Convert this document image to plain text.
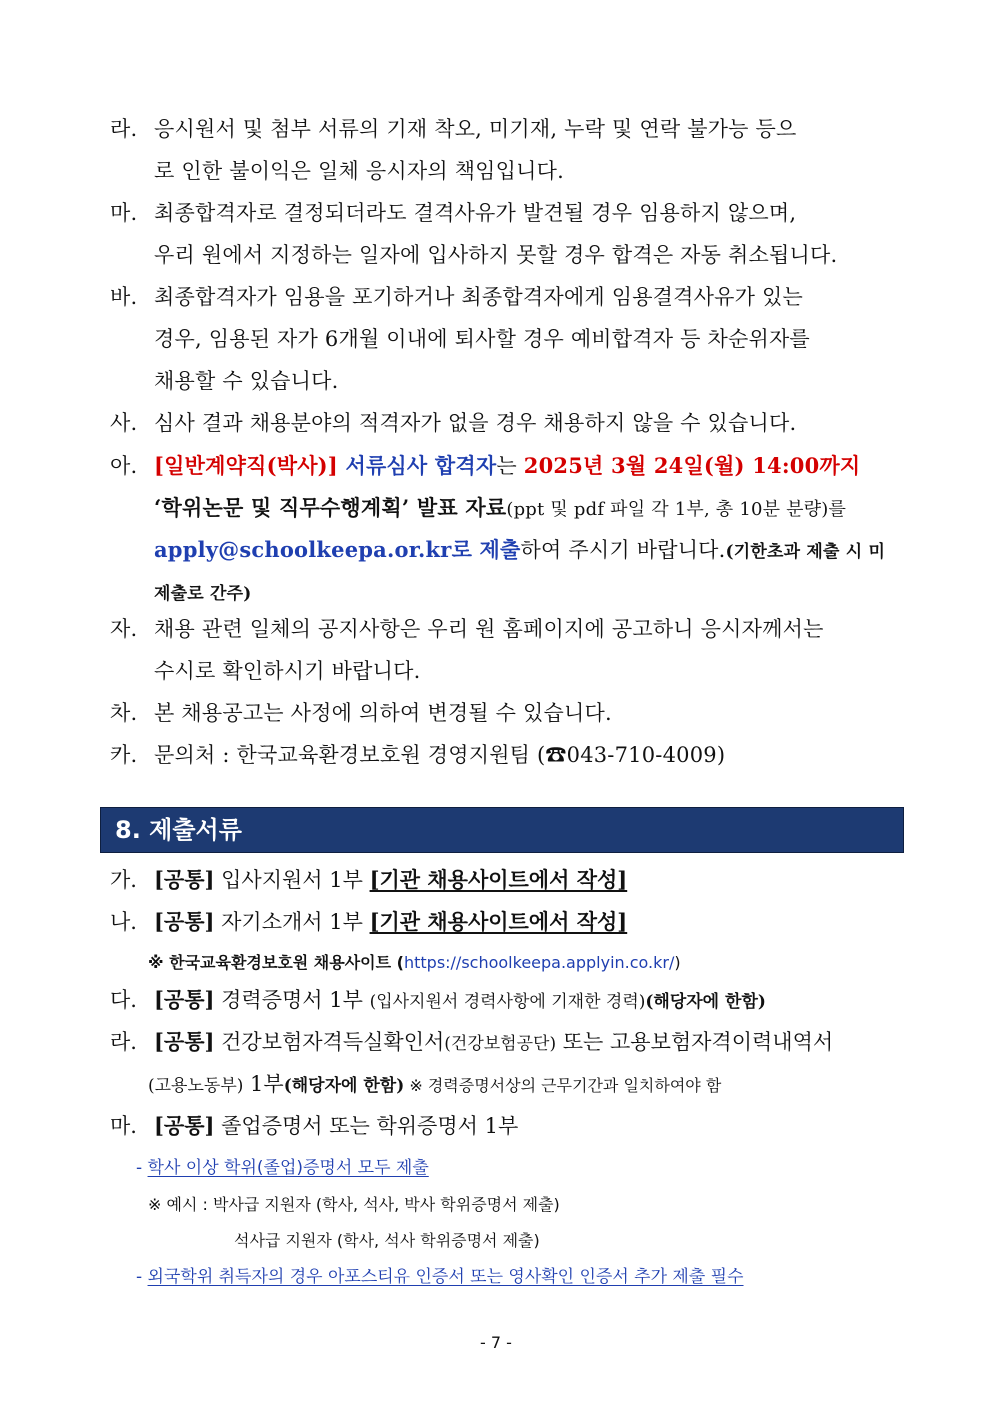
라. 응시원서 및 첨부 서류의 기재 착오, 미기재, 누락 및 연락 불가능 등으
로 인한 불이익은 일체 응시자의 책임입니다.
마. 최종합격자로 결정되더라도 결격사유가 발견될 경우 임용하지 않으며,
우리 원에서 지정하는 일자에 입사하지 못할 경우 합격은 자동 취소됩니다.
바. 최종합격자가 임용을 포기하거나 최종합격자에게 임용결격사유가 있는
경우, 임용된 자가 6개월 이내에 퇴사할 경우 예비합격자 등 차순위자를
채용할 수 있습니다.
사. 심사 결과 채용분야의 적격자가 없을 경우 채용하지 않을 수 있습니다.
아. [일반계약직(박사)] 서류심사 합격자는 2025년 3월 24일(월) 14:00까지
‘학위논문 및 직무수행계획’ 발표 자료(ppt 및 pdf 파일 각 1부, 총 10분 분량)를
apply@schoolkeepa.or.kr로 제출하여 주시기 바랍니다.(기한초과 제출 시 미
제출로 간주)
자. 채용 관련 일체의 공지사항은 우리 원 홈페이지에 공고하니 응시자께서는
수시로 확인하시기 바랍니다.
차. 본 채용공고는 사정에 의하여 변경될 수 있습니다.
카. 문의처 : 한국교육환경보호원 경영지원팀 (☎043-710-4009)
8. 제출서류
가. [공통] 입사지원서 1부 [기관 채용사이트에서 작성]
나. [공통] 자기소개서 1부 [기관 채용사이트에서 작성]
※ 한국교육환경보호원 채용사이트 (https://schoolkeepa.applyin.co.kr/)
다. [공통] 경력증명서 1부 (입사지원서 경력사항에 기재한 경력)(해당자에 한함)
라. [공통] 건강보험자격득실확인서(건강보험공단) 또는 고용보험자격이력내역서
(고용노동부) 1부(해당자에 한함) ※ 경력증명서상의 근무기간과 일치하여야 함
마. [공통] 졸업증명서 또는 학위증명서 1부
- 학사 이상 학위(졸업)증명서 모두 제출
※ 예시 : 박사급 지원자 (학사, 석사, 박사 학위증명서 제출)
석사급 지원자 (학사, 석사 학위증명서 제출)
- 외국학위 취득자의 경우 아포스티유 인증서 또는 영사확인 인증서 추가 제출 필수
- 7 -
